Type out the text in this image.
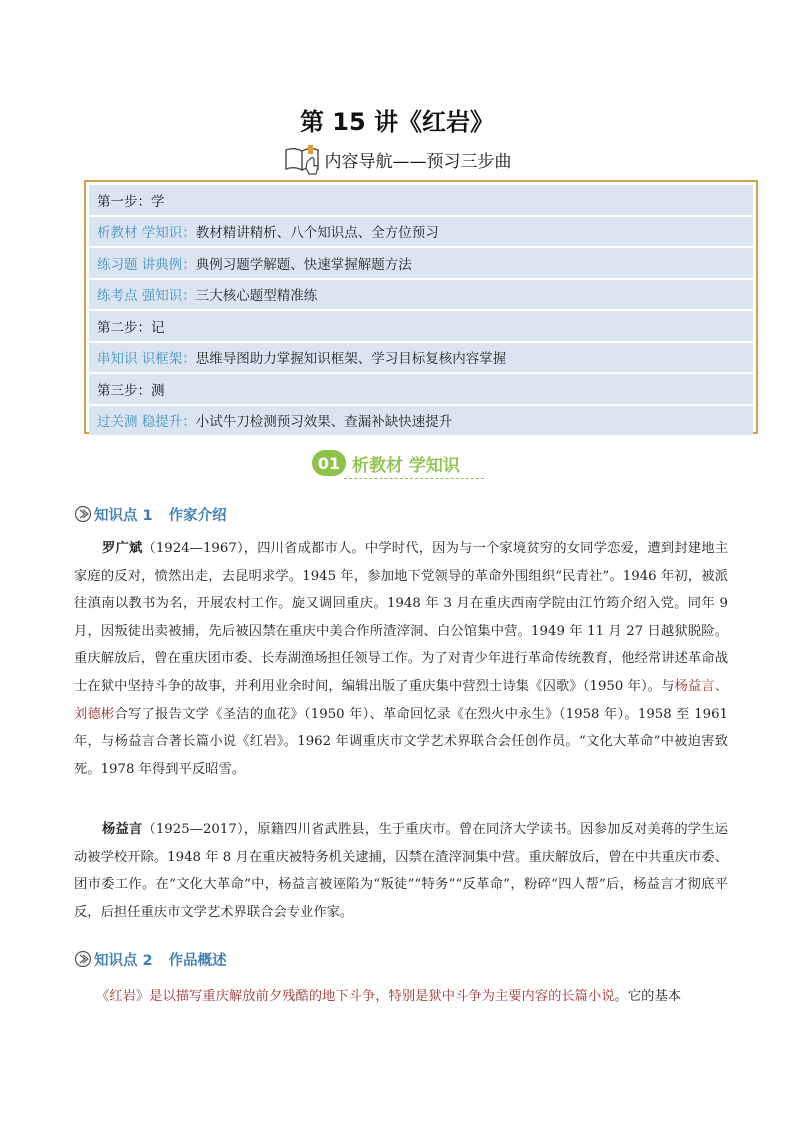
第 15 讲《红岩》
内容导航——预习三步曲
第一步：学
析教材 学知识 ： 教材精讲精析、八个知识点、全方位预习
练习题 讲典例 ： 典例习题学解题、快速掌握解题方法
练考点 强知识 ： 三大核心题型精准练
第二步：记
串知识 识框架 ： 思维导图助力掌握知识框架、学习目标复核内容掌握
第三步：测
过关测 稳提升 ： 小试牛刀检测预习效果、查漏补缺快速提升
01 析教材 学知识
知识点 1 作家介绍
罗广斌（1924—1967），四川省成都市人。中学时代，因为与一个家境贫穷的女同学恋爱，遭到封建地主家庭的反对，愤然出走，去昆明求学。1945 年，参加地下党领导的革命外围组织“民青社”。1946 年初，被派往滇南以教书为名，开展农村工作。旋又调回重庆。1948 年 3 月在重庆西南学院由江竹筠介绍入党。同年 9 月，因叛徒出卖被捕，先后被囚禁在重庆中美合作所渣滓洞、白公馆集中营。1949 年 11 月 27 日越狱脱险。重庆解放后，曾在重庆团市委、长寿湖渔场担任领导工作。为了对青少年进行革命传统教育，他经常讲述革命战士在狱中坚持斗争的故事，并利用业余时间，编辑出版了重庆集中营烈士诗集《囚歌》（1950 年）。与杨益言、刘德彬合写了报告文学《圣洁的血花》（1950 年）、革命回忆录《在烈火中永生》（1958 年）。1958 至 1961 年，与杨益言合著长篇小说《红岩》。1962 年调重庆市文学艺术界联合会任创作员。“文化大革命”中被迫害致死。1978 年得到平反昭雪。
杨益言（1925—2017），原籍四川省武胜县，生于重庆市。曾在同济大学读书。因参加反对美蒋的学生运动被学校开除。1948 年 8 月在重庆被特务机关逮捕，囚禁在渣滓洞集中营。重庆解放后，曾在中共重庆市委、团市委工作。在“文化大革命”中，杨益言被诬陷为“叛徒”“特务”“反革命”，粉碎“四人帮”后，杨益言才彻底平反，后担任重庆市文学艺术界联合会专业作家。
知识点 2 作品概述
《红岩》是以描写重庆解放前夕残酷的地下斗争，特别是狱中斗争为主要内容的长篇小说。它的基本
